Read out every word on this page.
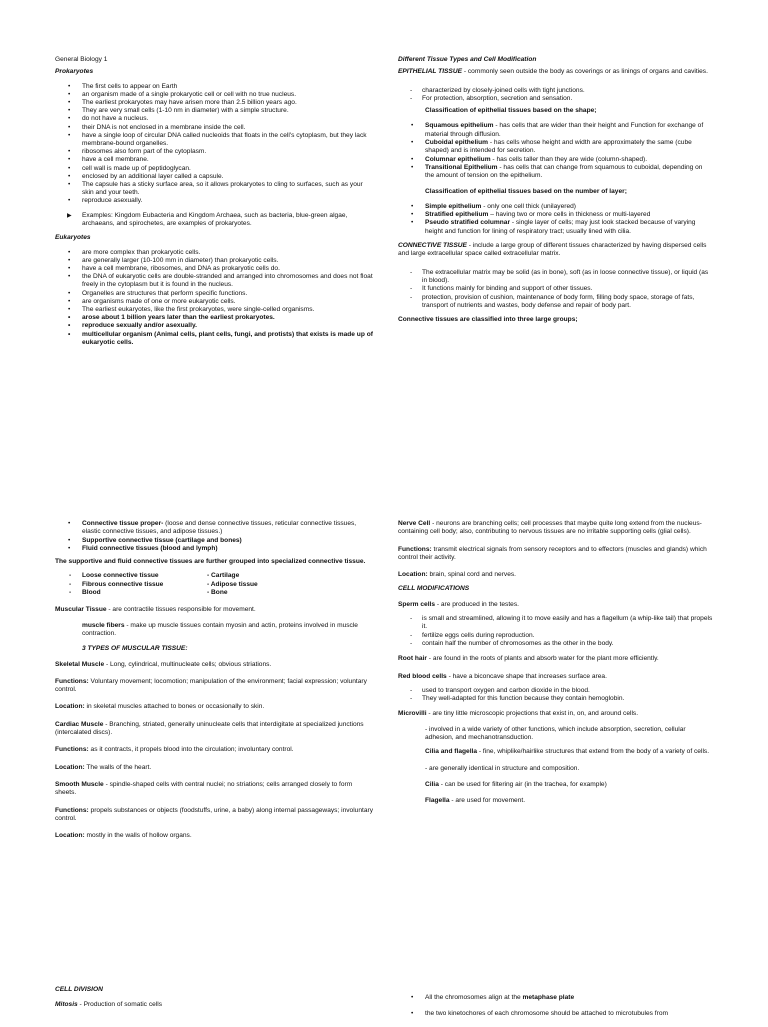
General Biology 1

Prokaryotes

• The first cells to appear on Earth
• an organism made of a single prokaryotic cell or cell with no true nucleus.
• The earliest prokaryotes may have arisen more than 2.5 billion years ago.
• They are very small cells (1-10 nm in diameter) with a simple structure.
• do not have a nucleus.
• their DNA is not enclosed in a membrane inside the cell.
• have a single loop of circular DNA called nucleoids that floats in the cell's cytoplasm, but they lack membrane-bound organelles.
• ribosomes also form part of the cytoplasm.
• have a cell membrane.
• cell wall is made up of peptidoglycan.
• enclosed by an additional layer called a capsule.
• The capsule has a sticky surface area, so it allows prokaryotes to cling to surfaces, such as your skin and your teeth.
• reproduce asexually.
▶ Examples: Kingdom Eubacteria and Kingdom Archaea, such as bacteria, blue-green algae, archaeans, and spirochetes, are examples of prokaryotes.

Eukaryotes

• are more complex than prokaryotic cells.
• are generally larger (10-100 mm in diameter) than prokaryotic cells.
• have a cell membrane, ribosomes, and DNA as prokaryotic cells do.
• the DNA of eukaryotic cells are double-stranded and arranged into chromosomes and does not float freely in the cytoplasm but it is found in the nucleus.
• Organelles are structures that perform specific functions.
• are organisms made of one or more eukaryotic cells.
• The earliest eukaryotes, like the first prokaryotes, were single-celled organisms.
• arose about 1 billion years later than the earliest prokaryotes.
• reproduce sexually and/or asexually.
• multicellular organism (Animal cells, plant cells, fungi, and protists) that exists is made up of eukaryotic cells.

Different Tissue Types and Cell Modification

EPITHELIAL TISSUE - commonly seen outside the body as coverings or as linings of organs and cavities.

- characterized by closely-joined cells with tight junctions.
- For protection, absorption, secretion and sensation.

Classification of epithelial tissues based on the shape;

• Squamous epithelium - has cells that are wider than their height and Function for exchange of material through diffusion.
• Cuboidal epithelium - has cells whose height and width are approximately the same (cube shaped) and is intended for secretion.
• Columnar epithelium - has cells taller than they are wide (column-shaped).
• Transitional Epithelium - has cells that can change from squamous to cuboidal, depending on the amount of tension on the epithelium.

Classification of epithelial tissues based on the number of layer;

• Simple epithelium - only one cell thick (unilayered)
• Stratified epithelium – having two or more cells in thickness or multi-layered
• Pseudo stratified columnar - single layer of cells; may just look stacked because of varying height and function for lining of respiratory tract; usually lined with cilia.

CONNECTIVE TISSUE - include a large group of different tissues characterized by having dispersed cells and large extracellular space called extracellular matrix.

- The extracellular matrix may be solid (as in bone), soft (as in loose connective tissue), or liquid (as in blood).
- It functions mainly for binding and support of other tissues.
- protection, provision of cushion, maintenance of body form, filling body space, storage of fats, transport of nutrients and wastes, body defense and repair of body part.

Connective tissues are classified into three large groups;

• Connective tissue proper- (loose and dense connective tissues, reticular connective tissues, elastic connective tissues, and adipose tissues.)
• Supportive connective tissue (cartilage and bones)
• Fluid connective tissues (blood and lymph)

The supportive and fluid connective tissues are further grouped into specialized connective tissue.

- Loose connective tissue	- Cartilage
- Fibrous connective tissue	- Adipose tissue
- Blood	- Bone

Muscular Tissue - are contractile tissues responsible for movement.

muscle fibers - make up muscle tissues contain myosin and actin, proteins involved in muscle contraction.

3 TYPES OF MUSCULAR TISSUE:

Skeletal Muscle - Long, cylindrical, multinucleate cells; obvious striations.

Functions: Voluntary movement; locomotion; manipulation of the environment; facial expression; voluntary control.

Location: in skeletal muscles attached to bones or occasionally to skin.

Cardiac Muscle - Branching, striated, generally uninucleate cells that interdigitate at specialized junctions (intercalated discs).

Functions: as it contracts, it propels blood into the circulation; involuntary control.

Location: The walls of the heart.

Smooth Muscle - spindle-shaped cells with central nuclei; no striations; cells arranged closely to form sheets.

Functions: propels substances or objects (foodstuffs, urine, a baby) along internal passageways; involuntary control.

Location: mostly in the walls of hollow organs.

Nerve Cell - neurons are branching cells; cell processes that maybe quite long extend from the nucleus-containing cell body; also, contributing to nervous tissues are no irritable supporting cells (glial cells).

Functions: transmit electrical signals from sensory receptors and to effectors (muscles and glands) which control their activity.

Location: brain, spinal cord and nerves.

CELL MODIFICATIONS

Sperm cells - are produced in the testes.

- is small and streamlined, allowing it to move easily and has a flagellum (a whip-like tail) that propels it.
- fertilize eggs cells during reproduction.
- contain half the number of chromosomes as the other in the body.

Root hair - are found in the roots of plants and absorb water for the plant more efficiently.

Red blood cells - have a biconcave shape that increases surface area.

- used to transport oxygen and carbon dioxide in the blood.
- They well-adapted for this function because they contain hemoglobin.

Microvilli - are tiny little microscopic projections that exist in, on, and around cells.

- involved in a wide variety of other functions, which include absorption, secretion, cellular adhesion, and mechanotransduction.

Cilia and flagella - fine, whiplike/hairlike structures that extend from the body of a variety of cells.

- are generally identical in structure and composition.

Cilia - can be used for filtering air (in the trachea, for example)

Flagella - are used for movement.

CELL DIVISION

Mitosis - Production of somatic cells

• All the chromosomes align at the metaphase plate
• the two kinetochores of each chromosome should be attached to microtubules from
